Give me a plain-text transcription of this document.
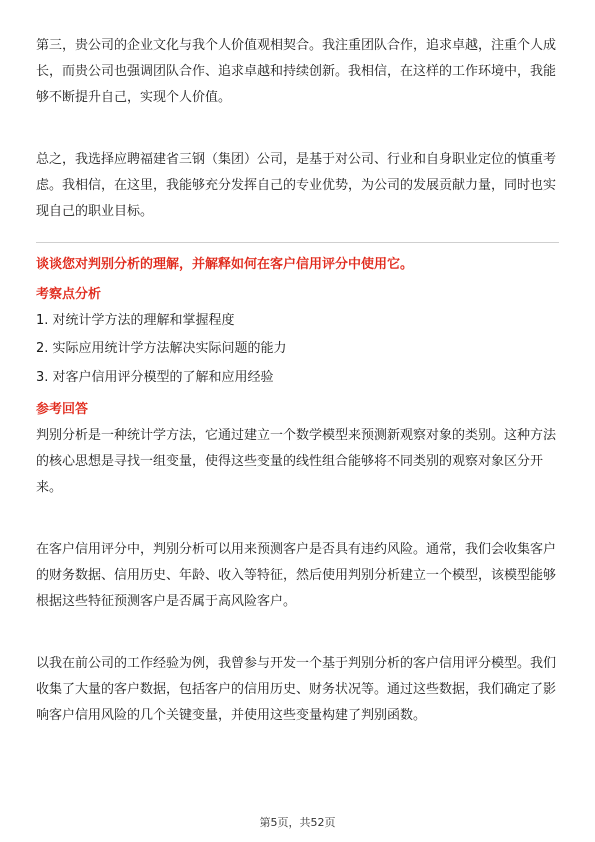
第三，贵公司的企业文化与我个人价值观相契合。我注重团队合作，追求卓越，注重个人成长，而贵公司也强调团队合作、追求卓越和持续创新。我相信，在这样的工作环境中，我能够不断提升自己，实现个人价值。

总之，我选择应聘福建省三钢（集团）公司，是基于对公司、行业和自身职业定位的慎重考虑。我相信，在这里，我能够充分发挥自己的专业优势，为公司的发展贡献力量，同时也实现自己的职业目标。

谈谈您对判别分析的理解，并解释如何在客户信用评分中使用它。

考察点分析

1. 对统计学方法的理解和掌握程度

2. 实际应用统计学方法解决实际问题的能力

3. 对客户信用评分模型的了解和应用经验

参考回答

判别分析是一种统计学方法，它通过建立一个数学模型来预测新观察对象的类别。这种方法的核心思想是寻找一组变量，使得这些变量的线性组合能够将不同类别的观察对象区分开来。

在客户信用评分中，判别分析可以用来预测客户是否具有违约风险。通常，我们会收集客户的财务数据、信用历史、年龄、收入等特征，然后使用判别分析建立一个模型，该模型能够根据这些特征预测客户是否属于高风险客户。

以我在前公司的工作经验为例，我曾参与开发一个基于判别分析的客户信用评分模型。我们收集了大量的客户数据，包括客户的信用历史、财务状况等。通过这些数据，我们确定了影响客户信用风险的几个关键变量，并使用这些变量构建了判别函数。

第5页，共52页
